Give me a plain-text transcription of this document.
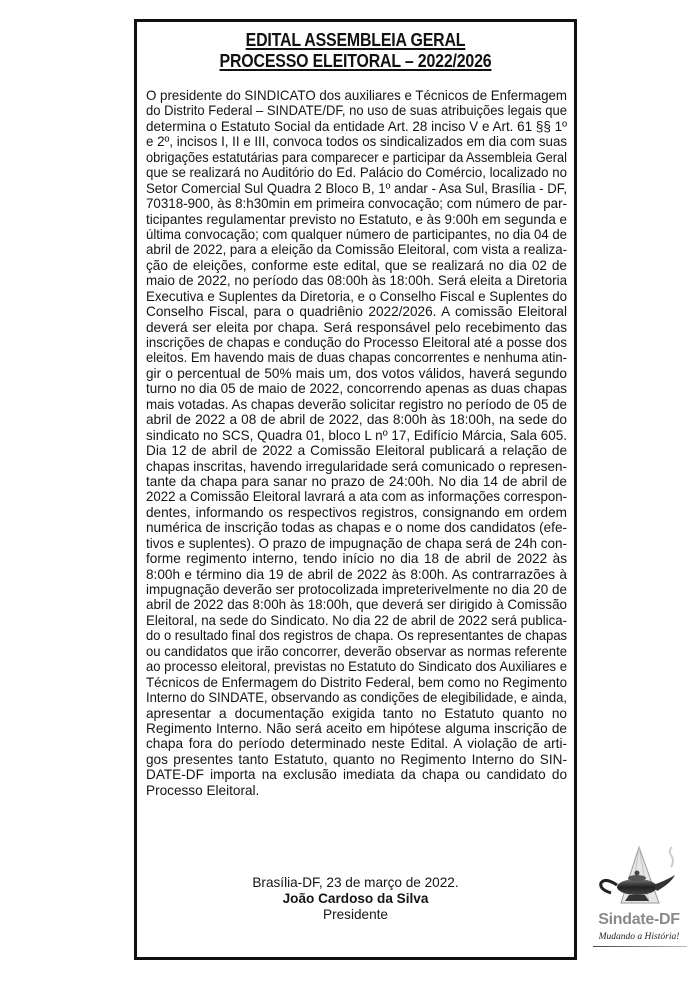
EDITAL ASSEMBLEIA GERAL
PROCESSO ELEITORAL – 2022/2026
O presidente do SINDICATO dos auxiliares e Técnicos de Enfermagem
do Distrito Federal – SINDATE/DF, no uso de suas atribuições legais que
determina o Estatuto Social da entidade Art. 28 inciso V e Art. 61 §§ 1º
e 2º, incisos I, II e III, convoca todos os sindicalizados em dia com suas
obrigações estatutárias para comparecer e participar da Assembleia Geral
que se realizará no Auditório do Ed. Palácio do Comércio, localizado no
Setor Comercial Sul Quadra 2 Bloco B, 1º andar - Asa Sul, Brasília - DF,
70318-900, às 8:h30min em primeira convocação; com número de par-
ticipantes regulamentar previsto no Estatuto, e às 9:00h em segunda e
última convocação; com qualquer número de participantes, no dia 04 de
abril de 2022, para a eleição da Comissão Eleitoral, com vista a realiza-
ção de eleições, conforme este edital, que se realizará no dia 02 de
maio de 2022, no período das 08:00h às 18:00h. Será eleita a Diretoria
Executiva e Suplentes da Diretoria, e o Conselho Fiscal e Suplentes do
Conselho Fiscal, para o quadriênio 2022/2026. A comissão Eleitoral
deverá ser eleita por chapa. Será responsável pelo recebimento das
inscrições de chapas e condução do Processo Eleitoral até a posse dos
eleitos. Em havendo mais de duas chapas concorrentes e nenhuma atin-
gir o percentual de 50% mais um, dos votos válidos, haverá segundo
turno no dia 05 de maio de 2022, concorrendo apenas as duas chapas
mais votadas. As chapas deverão solicitar registro no período de 05 de
abril de 2022 a 08 de abril de 2022, das 8:00h às 18:00h, na sede do
sindicato no SCS, Quadra 01, bloco L nº 17, Edifício Márcia, Sala 605.
Dia 12 de abril de 2022 a Comissão Eleitoral publicará a relação de
chapas inscritas, havendo irregularidade será comunicado o represen-
tante da chapa para sanar no prazo de 24:00h. No dia 14 de abril de
2022 a Comissão Eleitoral lavrará a ata com as informações correspon-
dentes, informando os respectivos registros, consignando em ordem
numérica de inscrição todas as chapas e o nome dos candidatos (efe-
tivos e suplentes). O prazo de impugnação de chapa será de 24h con-
forme regimento interno, tendo início no dia 18 de abril de 2022 às
8:00h e término dia 19 de abril de 2022 às 8:00h. As contrarrazões à
impugnação deverão ser protocolizada impreterivelmente no dia 20 de
abril de 2022 das 8:00h às 18:00h, que deverá ser dirigido à Comissão
Eleitoral, na sede do Sindicato. No dia 22 de abril de 2022 será publica-
do o resultado final dos registros de chapa. Os representantes de chapas
ou candidatos que irão concorrer, deverão observar as normas referente
ao processo eleitoral, previstas no Estatuto do Sindicato dos Auxiliares e
Técnicos de Enfermagem do Distrito Federal, bem como no Regimento
Interno do SINDATE, observando as condições de elegibilidade, e ainda,
apresentar a documentação exigida tanto no Estatuto quanto no
Regimento Interno. Não será aceito em hipótese alguma inscrição de
chapa fora do período determinado neste Edital. A violação de arti-
gos presentes tanto Estatuto, quanto no Regimento Interno do SIN-
DATE-DF importa na exclusão imediata da chapa ou candidato do
Processo Eleitoral.
Brasília-DF, 23 de março de 2022.
João Cardoso da Silva
Presidente	Sindate-DF
Mudando a História!
